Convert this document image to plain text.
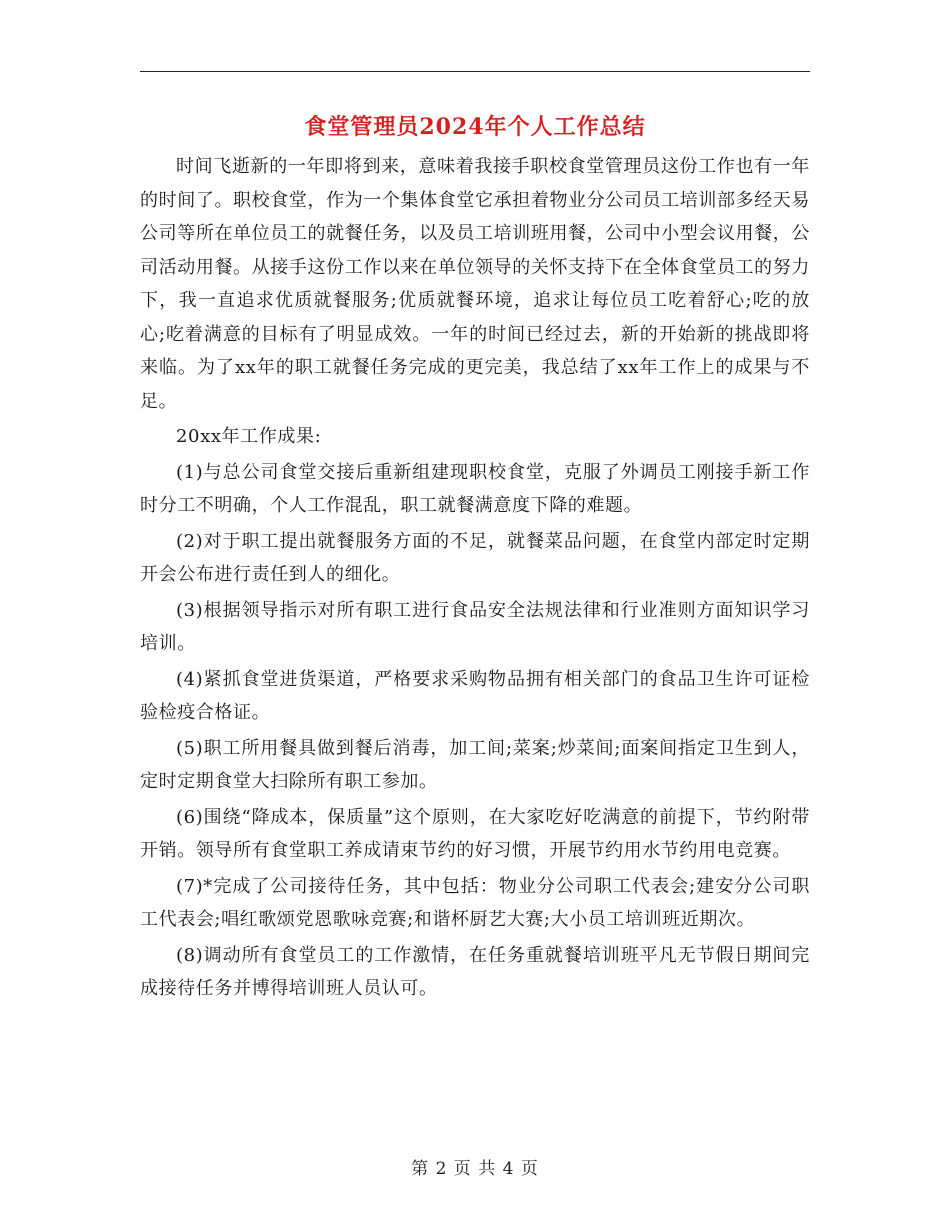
食堂管理员2024年个人工作总结

时间飞逝新的一年即将到来，意味着我接手职校食堂管理员这份工作也有一年的时间了。职校食堂，作为一个集体食堂它承担着物业分公司员工培训部多经天易公司等所在单位员工的就餐任务，以及员工培训班用餐，公司中小型会议用餐，公司活动用餐。从接手这份工作以来在单位领导的关怀支持下在全体食堂员工的努力下，我一直追求优质就餐服务;优质就餐环境，追求让每位员工吃着舒心;吃的放心;吃着满意的目标有了明显成效。一年的时间已经过去，新的开始新的挑战即将来临。为了xx年的职工就餐任务完成的更完美，我总结了xx年工作上的成果与不足。

20xx年工作成果:

(1)与总公司食堂交接后重新组建现职校食堂，克服了外调员工刚接手新工作时分工不明确，个人工作混乱，职工就餐满意度下降的难题。

(2)对于职工提出就餐服务方面的不足，就餐菜品问题，在食堂内部定时定期开会公布进行责任到人的细化。

(3)根据领导指示对所有职工进行食品安全法规法律和行业准则方面知识学习培训。

(4)紧抓食堂进货渠道，严格要求采购物品拥有相关部门的食品卫生许可证检验检疫合格证。

(5)职工所用餐具做到餐后消毒，加工间;菜案;炒菜间;面案间指定卫生到人，定时定期食堂大扫除所有职工参加。

(6)围绕“降成本，保质量”这个原则，在大家吃好吃满意的前提下，节约附带开销。领导所有食堂职工养成请束节约的好习惯，开展节约用水节约用电竞赛。

(7)*完成了公司接待任务，其中包括：物业分公司职工代表会;建安分公司职工代表会;唱红歌颂党恩歌咏竞赛;和谐杯厨艺大赛;大小员工培训班近期次。

(8)调动所有食堂员工的工作激情，在任务重就餐培训班平凡无节假日期间完成接待任务并博得培训班人员认可。

第 2 页 共 4 页
